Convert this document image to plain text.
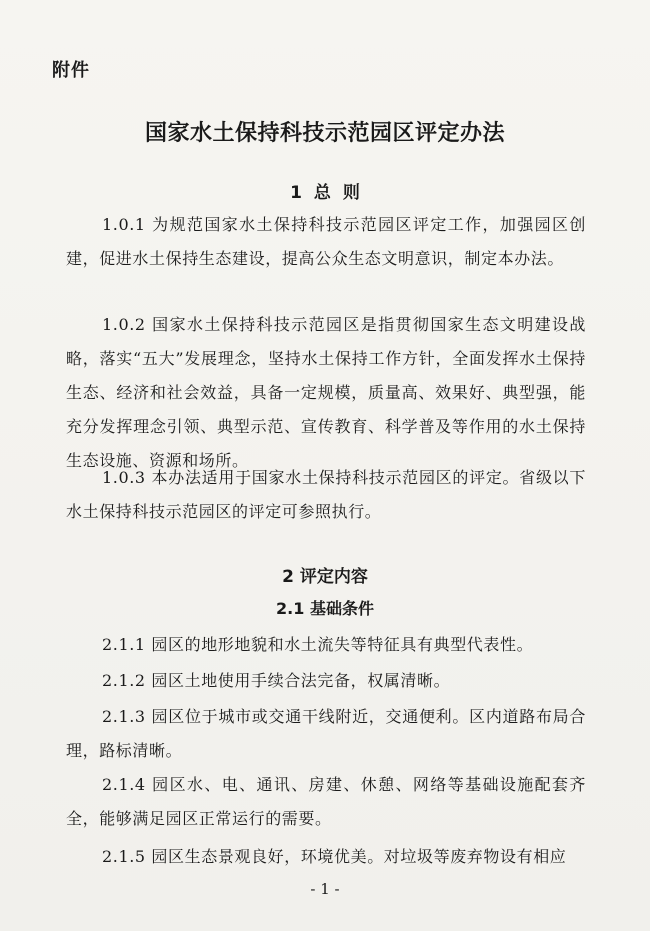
附件
国家水土保持科技示范园区评定办法
1 总 则

1.0.1 为规范国家水土保持科技示范园区评定工作，加强园区创建，促进水土保持生态建设，提高公众生态文明意识，制定本办法。

1.0.2 国家水土保持科技示范园区是指贯彻国家生态文明建设战略，落实“五大”发展理念，坚持水土保持工作方针，全面发挥水土保持生态、经济和社会效益，具备一定规模，质量高、效果好、典型强，能充分发挥理念引领、典型示范、宣传教育、科学普及等作用的水土保持生态设施、资源和场所。

1.0.3 本办法适用于国家水土保持科技示范园区的评定。省级以下水土保持科技示范园区的评定可参照执行。

2 评定内容
2.1 基础条件

2.1.1 园区的地形地貌和水土流失等特征具有典型代表性。

2.1.2 园区土地使用手续合法完备，权属清晰。

2.1.3 园区位于城市或交通干线附近，交通便利。区内道路布局合理，路标清晰。

2.1.4 园区水、电、通讯、房建、休憩、网络等基础设施配套齐全，能够满足园区正常运行的需要。

2.1.5 园区生态景观良好，环境优美。对垃圾等废弃物设有相应

- 1 -
